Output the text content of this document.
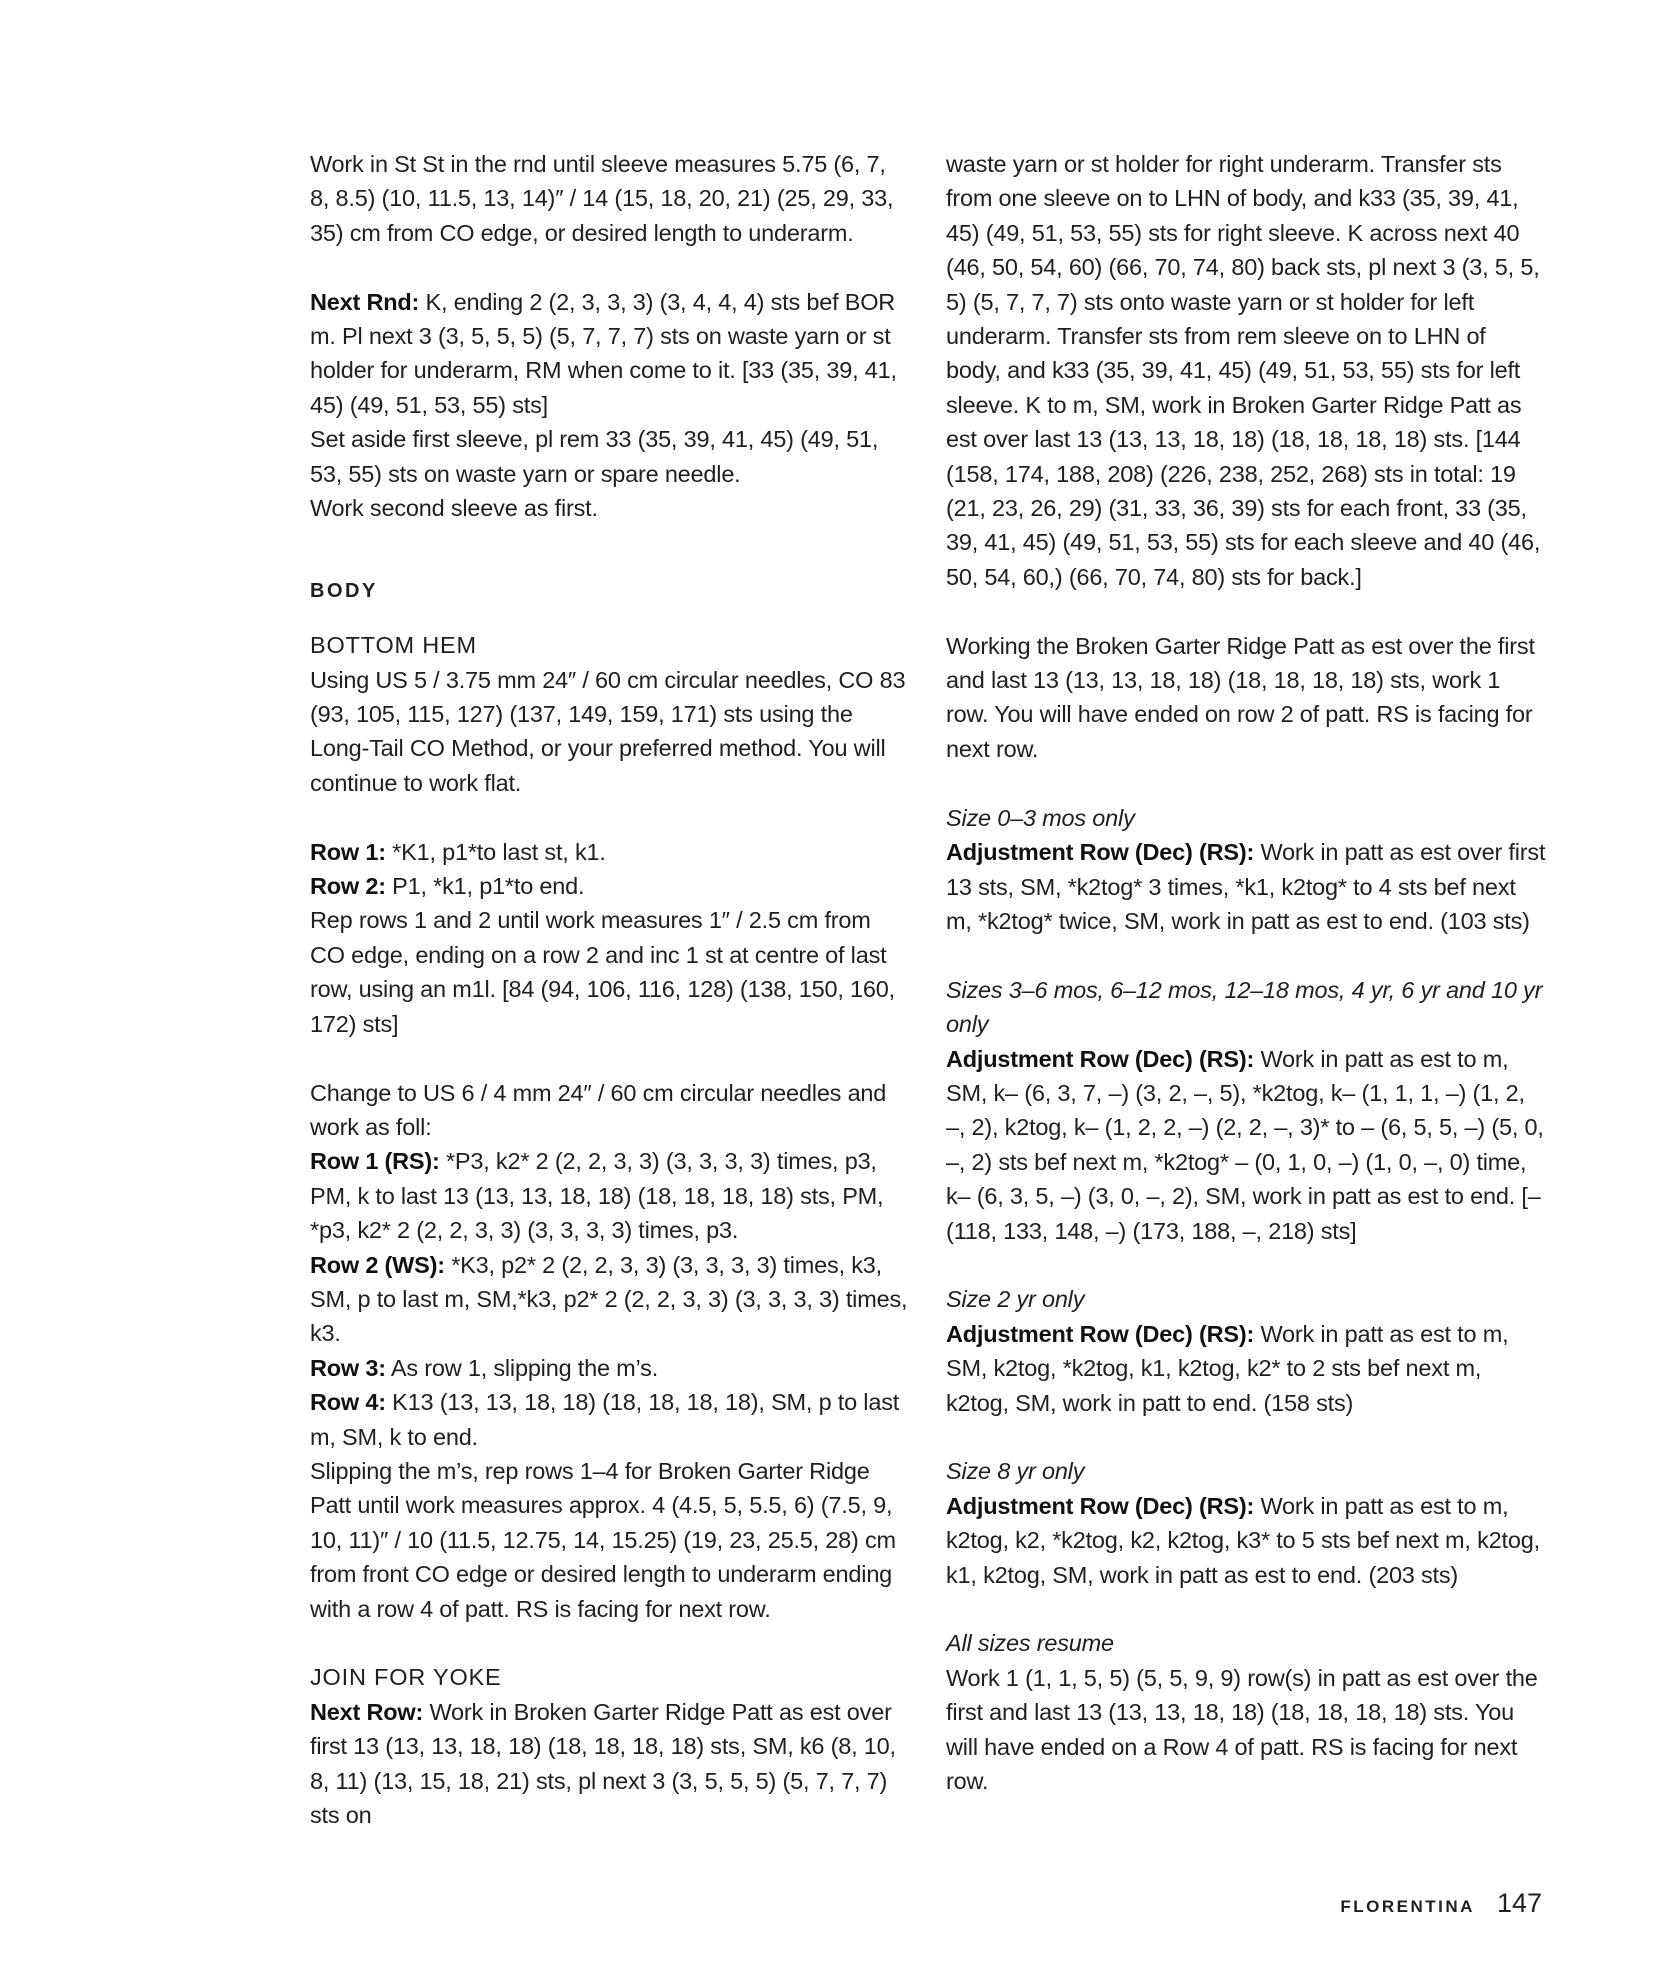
Work in St St in the rnd until sleeve measures 5.75 (6, 7, 8, 8.5) (10, 11.5, 13, 14)″ / 14 (15, 18, 20, 21) (25, 29, 33, 35) cm from CO edge, or desired length to underarm.

Next Rnd: K, ending 2 (2, 3, 3, 3) (3, 4, 4, 4) sts bef BOR m. Pl next 3 (3, 5, 5, 5) (5, 7, 7, 7) sts on waste yarn or st holder for underarm, RM when come to it. [33 (35, 39, 41, 45) (49, 51, 53, 55) sts]

Set aside first sleeve, pl rem 33 (35, 39, 41, 45) (49, 51, 53, 55) sts on waste yarn or spare needle.

Work second sleeve as first.

BODY

BOTTOM HEM

Using US 5 / 3.75 mm 24″ / 60 cm circular needles, CO 83 (93, 105, 115, 127) (137, 149, 159, 171) sts using the Long-Tail CO Method, or your preferred method. You will continue to work flat.

Row 1: *K1, p1*to last st, k1.

Row 2: P1, *k1, p1*to end.

Rep rows 1 and 2 until work measures 1″ / 2.5 cm from CO edge, ending on a row 2 and inc 1 st at centre of last row, using an m1l. [84 (94, 106, 116, 128) (138, 150, 160, 172) sts]

Change to US 6 / 4 mm 24″ / 60 cm circular needles and work as foll:

Row 1 (RS): *P3, k2* 2 (2, 2, 3, 3) (3, 3, 3, 3) times, p3, PM, k to last 13 (13, 13, 18, 18) (18, 18, 18, 18) sts, PM, *p3, k2* 2 (2, 2, 3, 3) (3, 3, 3, 3) times, p3.

Row 2 (WS): *K3, p2* 2 (2, 2, 3, 3) (3, 3, 3, 3) times, k3, SM, p to last m, SM,*k3, p2* 2 (2, 2, 3, 3) (3, 3, 3, 3) times, k3.

Row 3: As row 1, slipping the m’s.

Row 4: K13 (13, 13, 18, 18) (18, 18, 18, 18), SM, p to last m, SM, k to end.

Slipping the m’s, rep rows 1–4 for Broken Garter Ridge Patt until work measures approx. 4 (4.5, 5, 5.5, 6) (7.5, 9, 10, 11)″ / 10 (11.5, 12.75, 14, 15.25) (19, 23, 25.5, 28) cm from front CO edge or desired length to underarm ending with a row 4 of patt. RS is facing for next row.

JOIN FOR YOKE

Next Row: Work in Broken Garter Ridge Patt as est over first 13 (13, 13, 18, 18) (18, 18, 18, 18) sts, SM, k6 (8, 10, 8, 11) (13, 15, 18, 21) sts, pl next 3 (3, 5, 5, 5) (5, 7, 7, 7) sts on

waste yarn or st holder for right underarm. Transfer sts from one sleeve on to LHN of body, and k33 (35, 39, 41, 45) (49, 51, 53, 55) sts for right sleeve. K across next 40 (46, 50, 54, 60) (66, 70, 74, 80) back sts, pl next 3 (3, 5, 5, 5) (5, 7, 7, 7) sts onto waste yarn or st holder for left underarm. Transfer sts from rem sleeve on to LHN of body, and k33 (35, 39, 41, 45) (49, 51, 53, 55) sts for left sleeve. K to m, SM, work in Broken Garter Ridge Patt as est over last 13 (13, 13, 18, 18) (18, 18, 18, 18) sts. [144 (158, 174, 188, 208) (226, 238, 252, 268) sts in total: 19 (21, 23, 26, 29) (31, 33, 36, 39) sts for each front, 33 (35, 39, 41, 45) (49, 51, 53, 55) sts for each sleeve and 40 (46, 50, 54, 60,) (66, 70, 74, 80) sts for back.]

Working the Broken Garter Ridge Patt as est over the first and last 13 (13, 13, 18, 18) (18, 18, 18, 18) sts, work 1 row. You will have ended on row 2 of patt. RS is facing for next row.

Size 0–3 mos only

Adjustment Row (Dec) (RS): Work in patt as est over first 13 sts, SM, *k2tog* 3 times, *k1, k2tog* to 4 sts bef next m, *k2tog* twice, SM, work in patt as est to end. (103 sts)

Sizes 3–6 mos, 6–12 mos, 12–18 mos, 4 yr, 6 yr and 10 yr only

Adjustment Row (Dec) (RS): Work in patt as est to m, SM, k– (6, 3, 7, –) (3, 2, –, 5), *k2tog, k– (1, 1, 1, –) (1, 2, –, 2), k2tog, k– (1, 2, 2, –) (2, 2, –, 3)* to – (6, 5, 5, –) (5, 0, –, 2) sts bef next m, *k2tog* – (0, 1, 0, –) (1, 0, –, 0) time, k– (6, 3, 5, –) (3, 0, –, 2), SM, work in patt as est to end. [– (118, 133, 148, –) (173, 188, –, 218) sts]

Size 2 yr only

Adjustment Row (Dec) (RS): Work in patt as est to m, SM, k2tog, *k2tog, k1, k2tog, k2* to 2 sts bef next m, k2tog, SM, work in patt to end. (158 sts)

Size 8 yr only

Adjustment Row (Dec) (RS): Work in patt as est to m, k2tog, k2, *k2tog, k2, k2tog, k3* to 5 sts bef next m, k2tog, k1, k2tog, SM, work in patt as est to end. (203 sts)

All sizes resume

Work 1 (1, 1, 5, 5) (5, 5, 9, 9) row(s) in patt as est over the first and last 13 (13, 13, 18, 18) (18, 18, 18, 18) sts. You will have ended on a Row 4 of patt. RS is facing for next row.

FLORENTINA 147
